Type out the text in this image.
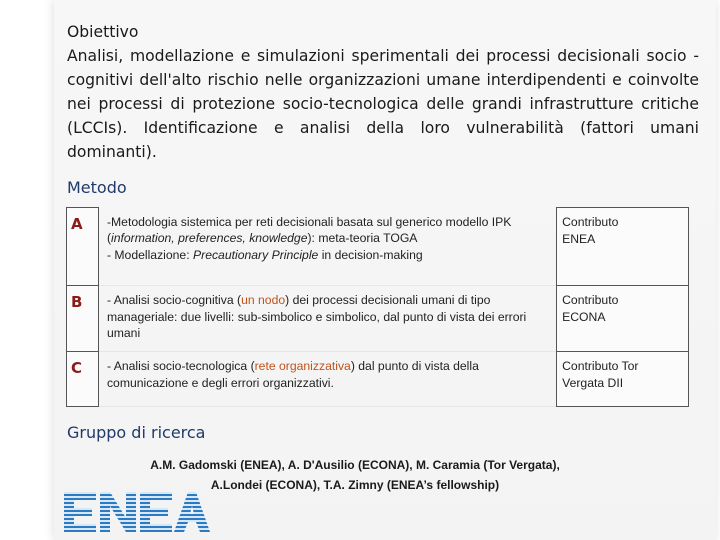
Obiettivo
Analisi, modellazione e simulazioni sperimentali dei processi decisionali socio -cognitivi dell'alto rischio nelle organizzazioni umane interdipendenti e coinvolte nei processi di protezione socio-tecnologica delle grandi infrastrutture critiche (LCCIs). Identificazione e analisi della loro vulnerabilità (fattori umani dominanti).
Metodo
A	-Metodologia sistemica per reti decisionali basata sul generico modello IPK (information, preferences, knowledge): meta-teoria TOGA
- Modellazione: Precautionary Principle in decision-making	Contributo
ENEA
B	- Analisi socio-cognitiva (un nodo) dei processi decisionali umani di tipo manageriale: due livelli: sub-simbolico e simbolico, dal punto di vista dei errori umani	Contributo
ECONA
C	- Analisi socio-tecnologica (rete organizzativa) dal punto di vista della comunicazione e degli errori organizzativi.	Contributo Tor
Vergata DII
Gruppo di ricerca
A.M. Gadomski (ENEA), A. D'Ausilio (ECONA), M. Caramia (Tor Vergata),
A.Londei (ECONA), T.A. Zimny (ENEA’s fellowship)
